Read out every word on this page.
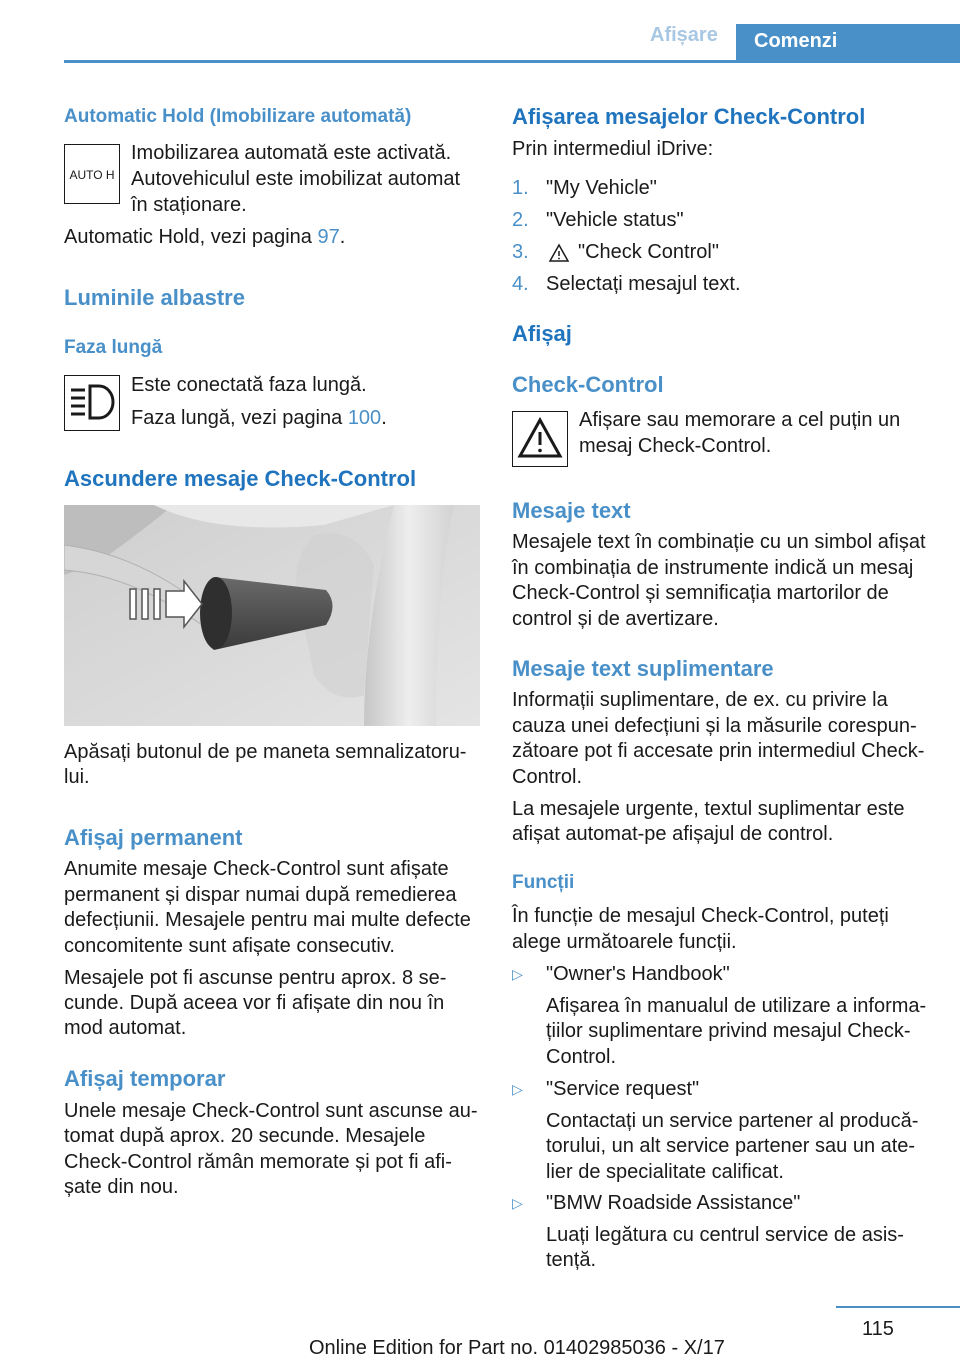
Afișare	Comenzi
Automatic Hold (Imobilizare automată)
AUTO H
Imobilizarea automată este activată.
Autovehiculul este imobilizat automat
în staționare.
Automatic Hold, vezi pagina 97.
Luminile albastre
Faza lungă
Este conectată faza lungă.
Faza lungă, vezi pagina 100.
Ascundere mesaje Check-Control
Apăsați butonul de pe maneta semnalizatoru‐
lui.
Afișaj permanent
Anumite mesaje Check-Control sunt afișate
permanent și dispar numai după remedierea
defecțiunii. Mesajele pentru mai multe defecte
concomitente sunt afișate consecutiv.
Mesajele pot fi ascunse pentru aprox. 8 se‐
cunde. După aceea vor fi afișate din nou în
mod automat.
Afișaj temporar
Unele mesaje Check-Control sunt ascunse au‐
tomat după aprox. 20 secunde. Mesajele
Check-Control rămân memorate și pot fi afi‐
șate din nou.
Afișarea mesajelor Check-Control
Prin intermediul iDrive:
1. "My Vehicle"
2. "Vehicle status"
3. "Check Control"
4. Selectați mesajul text.
Afișaj
Check-Control
Afișare sau memorare a cel puțin un
mesaj Check-Control.
Mesaje text
Mesajele text în combinație cu un simbol afișat
în combinația de instrumente indică un mesaj
Check-Control și semnificația martorilor de
control și de avertizare.
Mesaje text suplimentare
Informații suplimentare, de ex. cu privire la
cauza unei defecțiuni și la măsurile corespun‐
zătoare pot fi accesate prin intermediul Check-
Control.
La mesajele urgente, textul suplimentar este
afișat automat-pe afișajul de control.
Funcții
În funcție de mesajul Check-Control, puteți
alege următoarele funcții.
▷ "Owner's Handbook"
Afișarea în manualul de utilizare a informa‐
țiilor suplimentare privind mesajul Check-
Control.
▷ "Service request"
Contactați un service partener al producă‐
torului, un alt service partener sau un ate‐
lier de specialitate calificat.
▷ "BMW Roadside Assistance"
Luați legătura cu centrul service de asis‐
tență.
115
Online Edition for Part no. 01402985036 - X/17
